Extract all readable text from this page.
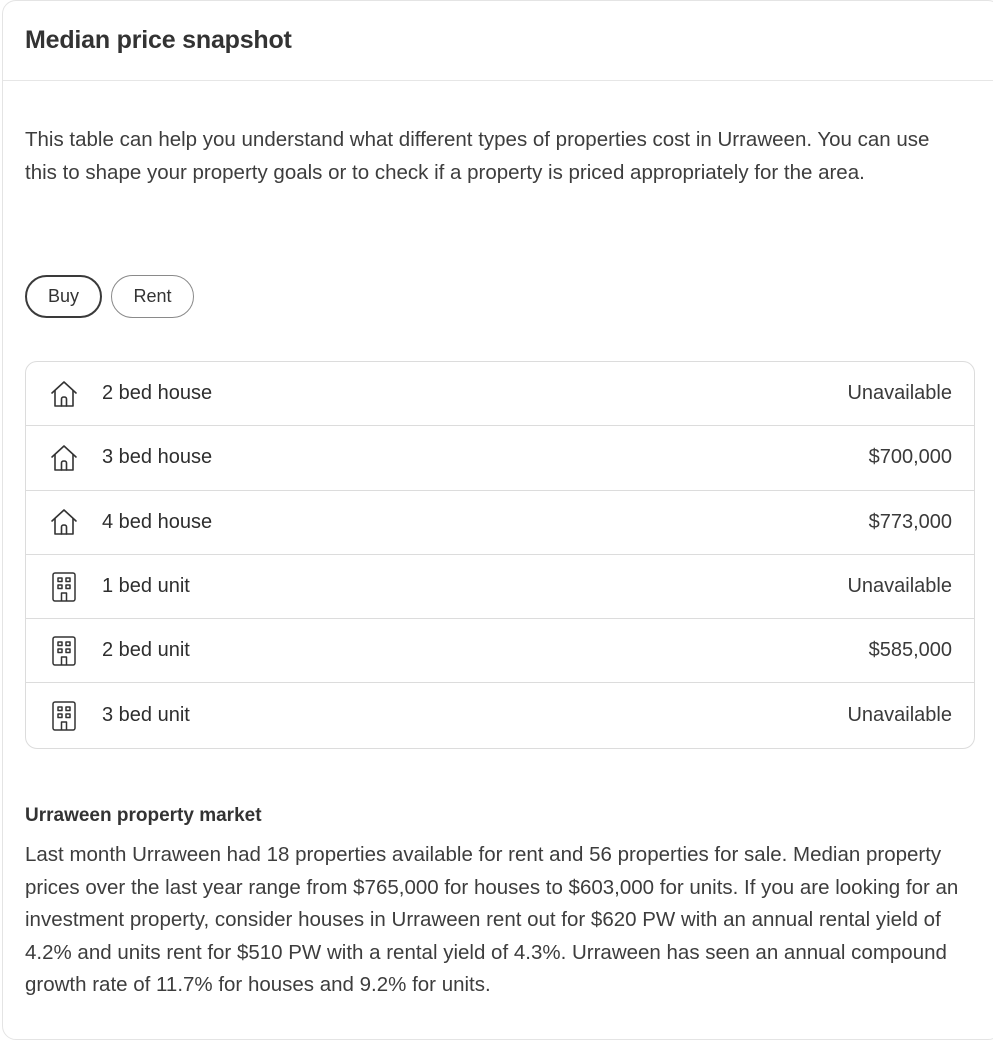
Median price snapshot
This table can help you understand what different types of properties cost in Urraween. You can use this to shape your property goals or to check if a property is priced appropriately for the area.
Buy	Rent
2 bed house	Unavailable
3 bed house	$700,000
4 bed house	$773,000
1 bed unit	Unavailable
2 bed unit	$585,000
3 bed unit	Unavailable
Urraween property market
Last month Urraween had 18 properties available for rent and 56 properties for sale. Median property prices over the last year range from $765,000 for houses to $603,000 for units. If you are looking for an investment property, consider houses in Urraween rent out for $620 PW with an annual rental yield of 4.2% and units rent for $510 PW with a rental yield of 4.3%. Urraween has seen an annual compound growth rate of 11.7% for houses and 9.2% for units.
